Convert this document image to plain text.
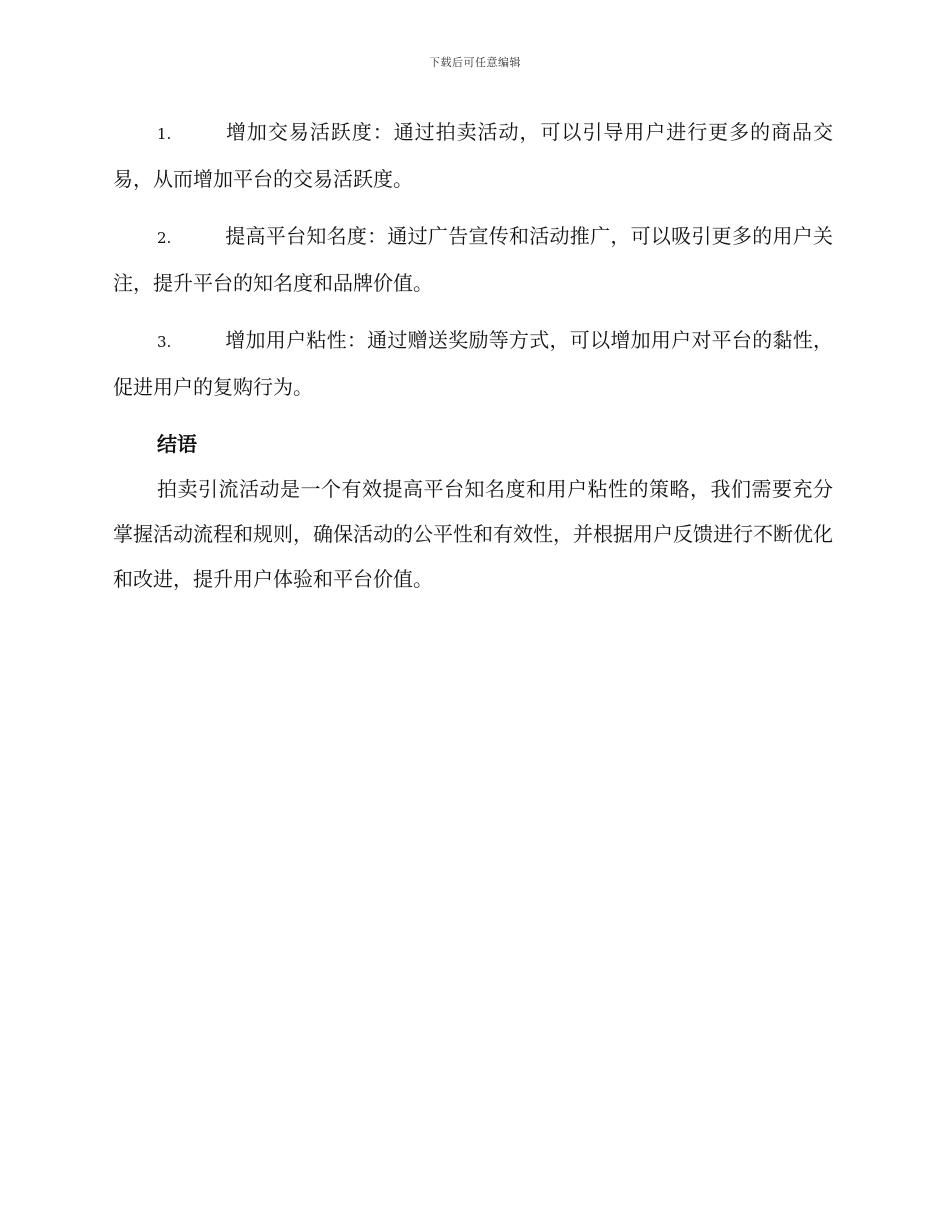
下载后可任意编辑

1.	增加交易活跃度：通过拍卖活动，可以引导用户进行更多的商品交易，从而增加平台的交易活跃度。

2.	提高平台知名度：通过广告宣传和活动推广，可以吸引更多的用户关注，提升平台的知名度和品牌价值。

3.	增加用户粘性：通过赠送奖励等方式，可以增加用户对平台的黏性，促进用户的复购行为。

结语

拍卖引流活动是一个有效提高平台知名度和用户粘性的策略，我们需要充分掌握活动流程和规则，确保活动的公平性和有效性，并根据用户反馈进行不断优化和改进，提升用户体验和平台价值。
